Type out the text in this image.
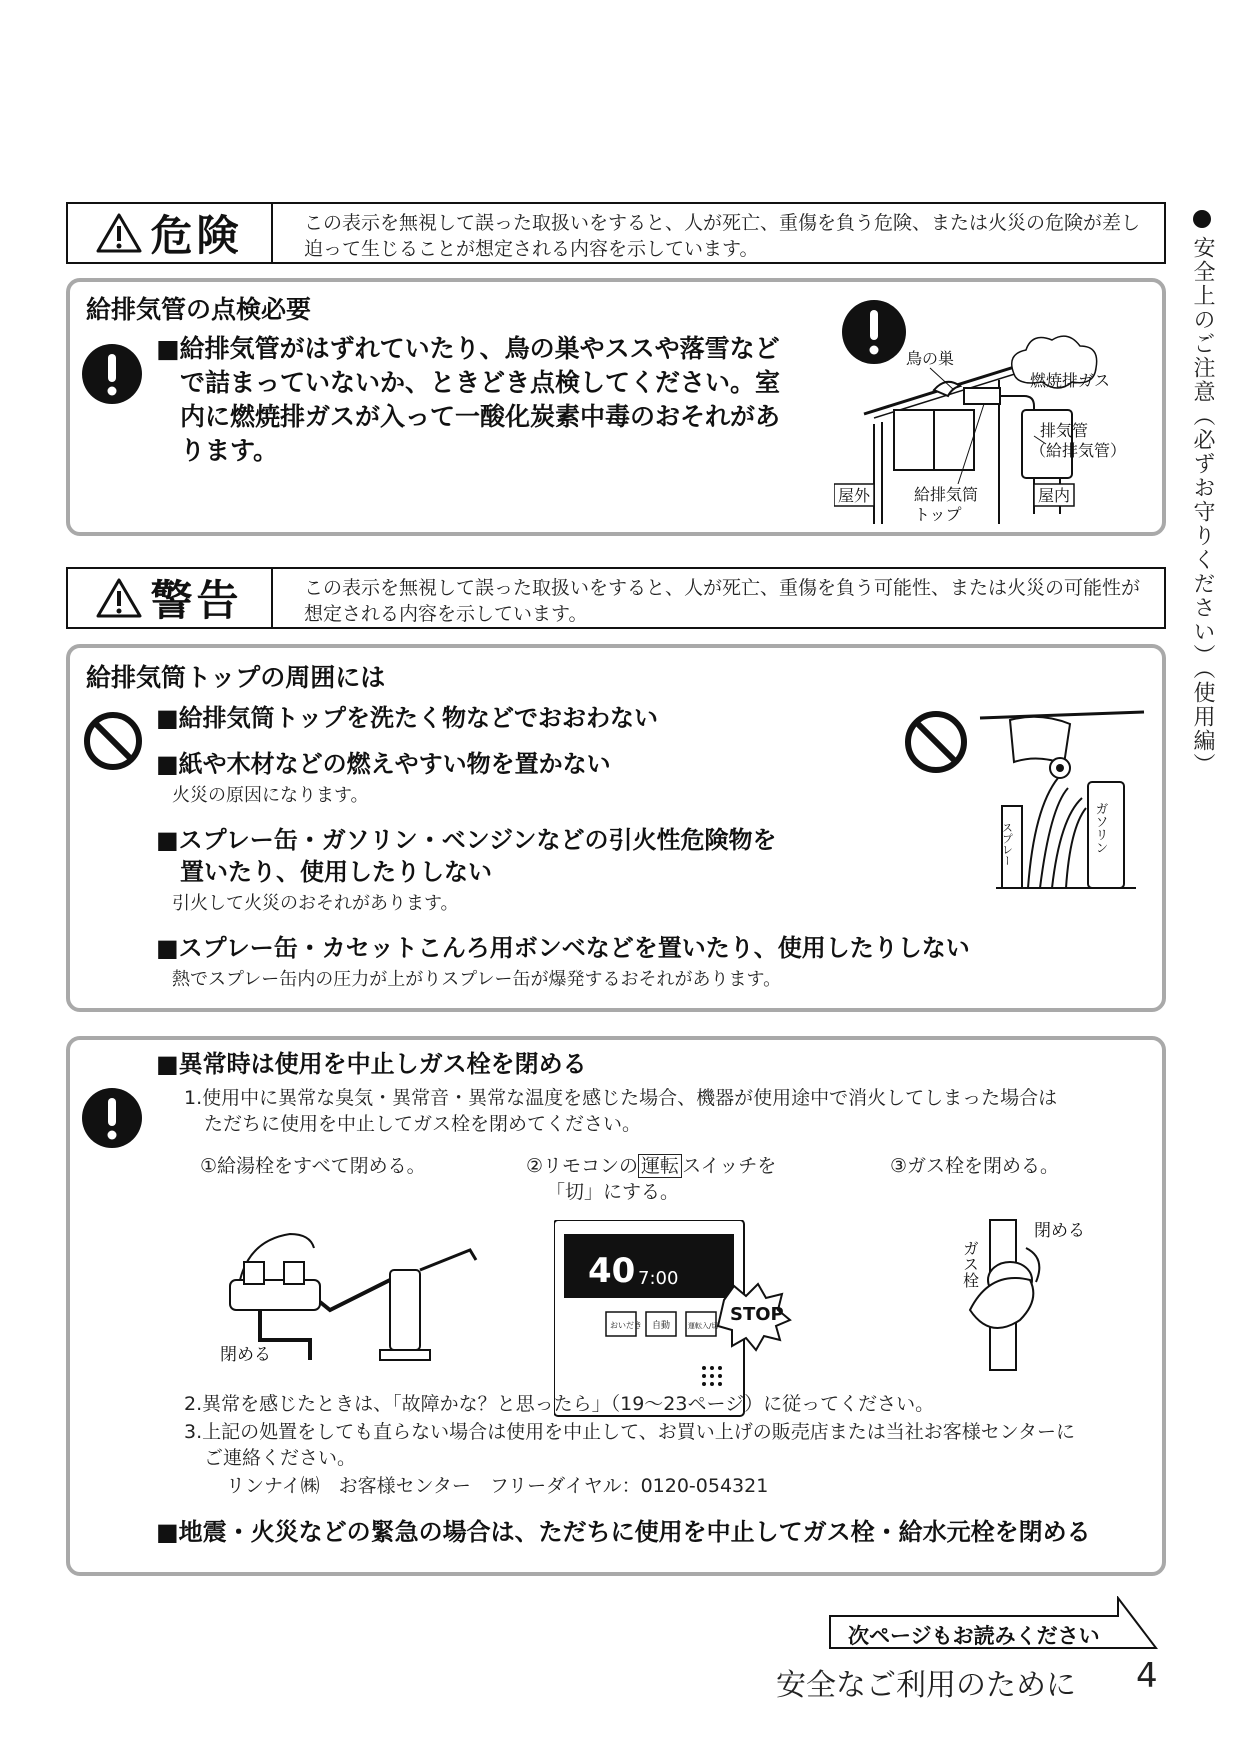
安全上のご注意（必ずお守りください）（使用編）
危険	この表示を無視して誤った取扱いをすると、人が死亡、重傷を負う危険、または火災の危険が差し迫って生じることが想定される内容を示しています。
給排気管の点検必要
■給排気管がはずれていたり、鳥の巣やススや落雪など
で詰まっていないか、ときどき点検してください。室
内に燃焼排ガスが入って一酸化炭素中毒のおそれがあ
ります。
鳥の巣
燃焼排ガス
排気管
（給排気管）
屋外	給排気筒
トップ
屋内
警告	この表示を無視して誤った取扱いをすると、人が死亡、重傷を負う可能性、または火災の可能性が想定される内容を示しています。
給排気筒トップの周囲には
■給排気筒トップを洗たく物などでおおわない
■紙や木材などの燃えやすい物を置かない
火災の原因になります。
■スプレー缶・ガソリン・ベンジンなどの引火性危険物を
置いたり、使用したりしない
引火して火災のおそれがあります。
■スプレー缶・カセットこんろ用ボンベなどを置いたり、使用したりしない
熱でスプレー缶内の圧力が上がりスプレー缶が爆発するおそれがあります。
スプレー	ガソリン
■異常時は使用を中止しガス栓を閉める
1.使用中に異常な臭気・異常音・異常な温度を感じた場合、機器が使用途中で消火してしまった場合は
ただちに使用を中止してガス栓を閉めてください。
①給湯栓をすべて閉める。	②リモコンの 運転 スイッチを
「切」にする。
③ガス栓を閉める。
閉める
40 7:00
おいだき 自動	運転入/切
STOP
ガス栓
閉める
2.異常を感じたときは、「故障かな？と思ったら」（19～23ページ）に従ってください。
3.上記の処置をしても直らない場合は使用を中止して、お買い上げの販売店または当社お客様センターに
ご連絡ください。
リンナイ㈱　お客様センター　フリーダイヤル：0120-054321
■地震・火災などの緊急の場合は、ただちに使用を中止してガス栓・給水元栓を閉める
次ページもお読みください
安全なご利用のために 4
